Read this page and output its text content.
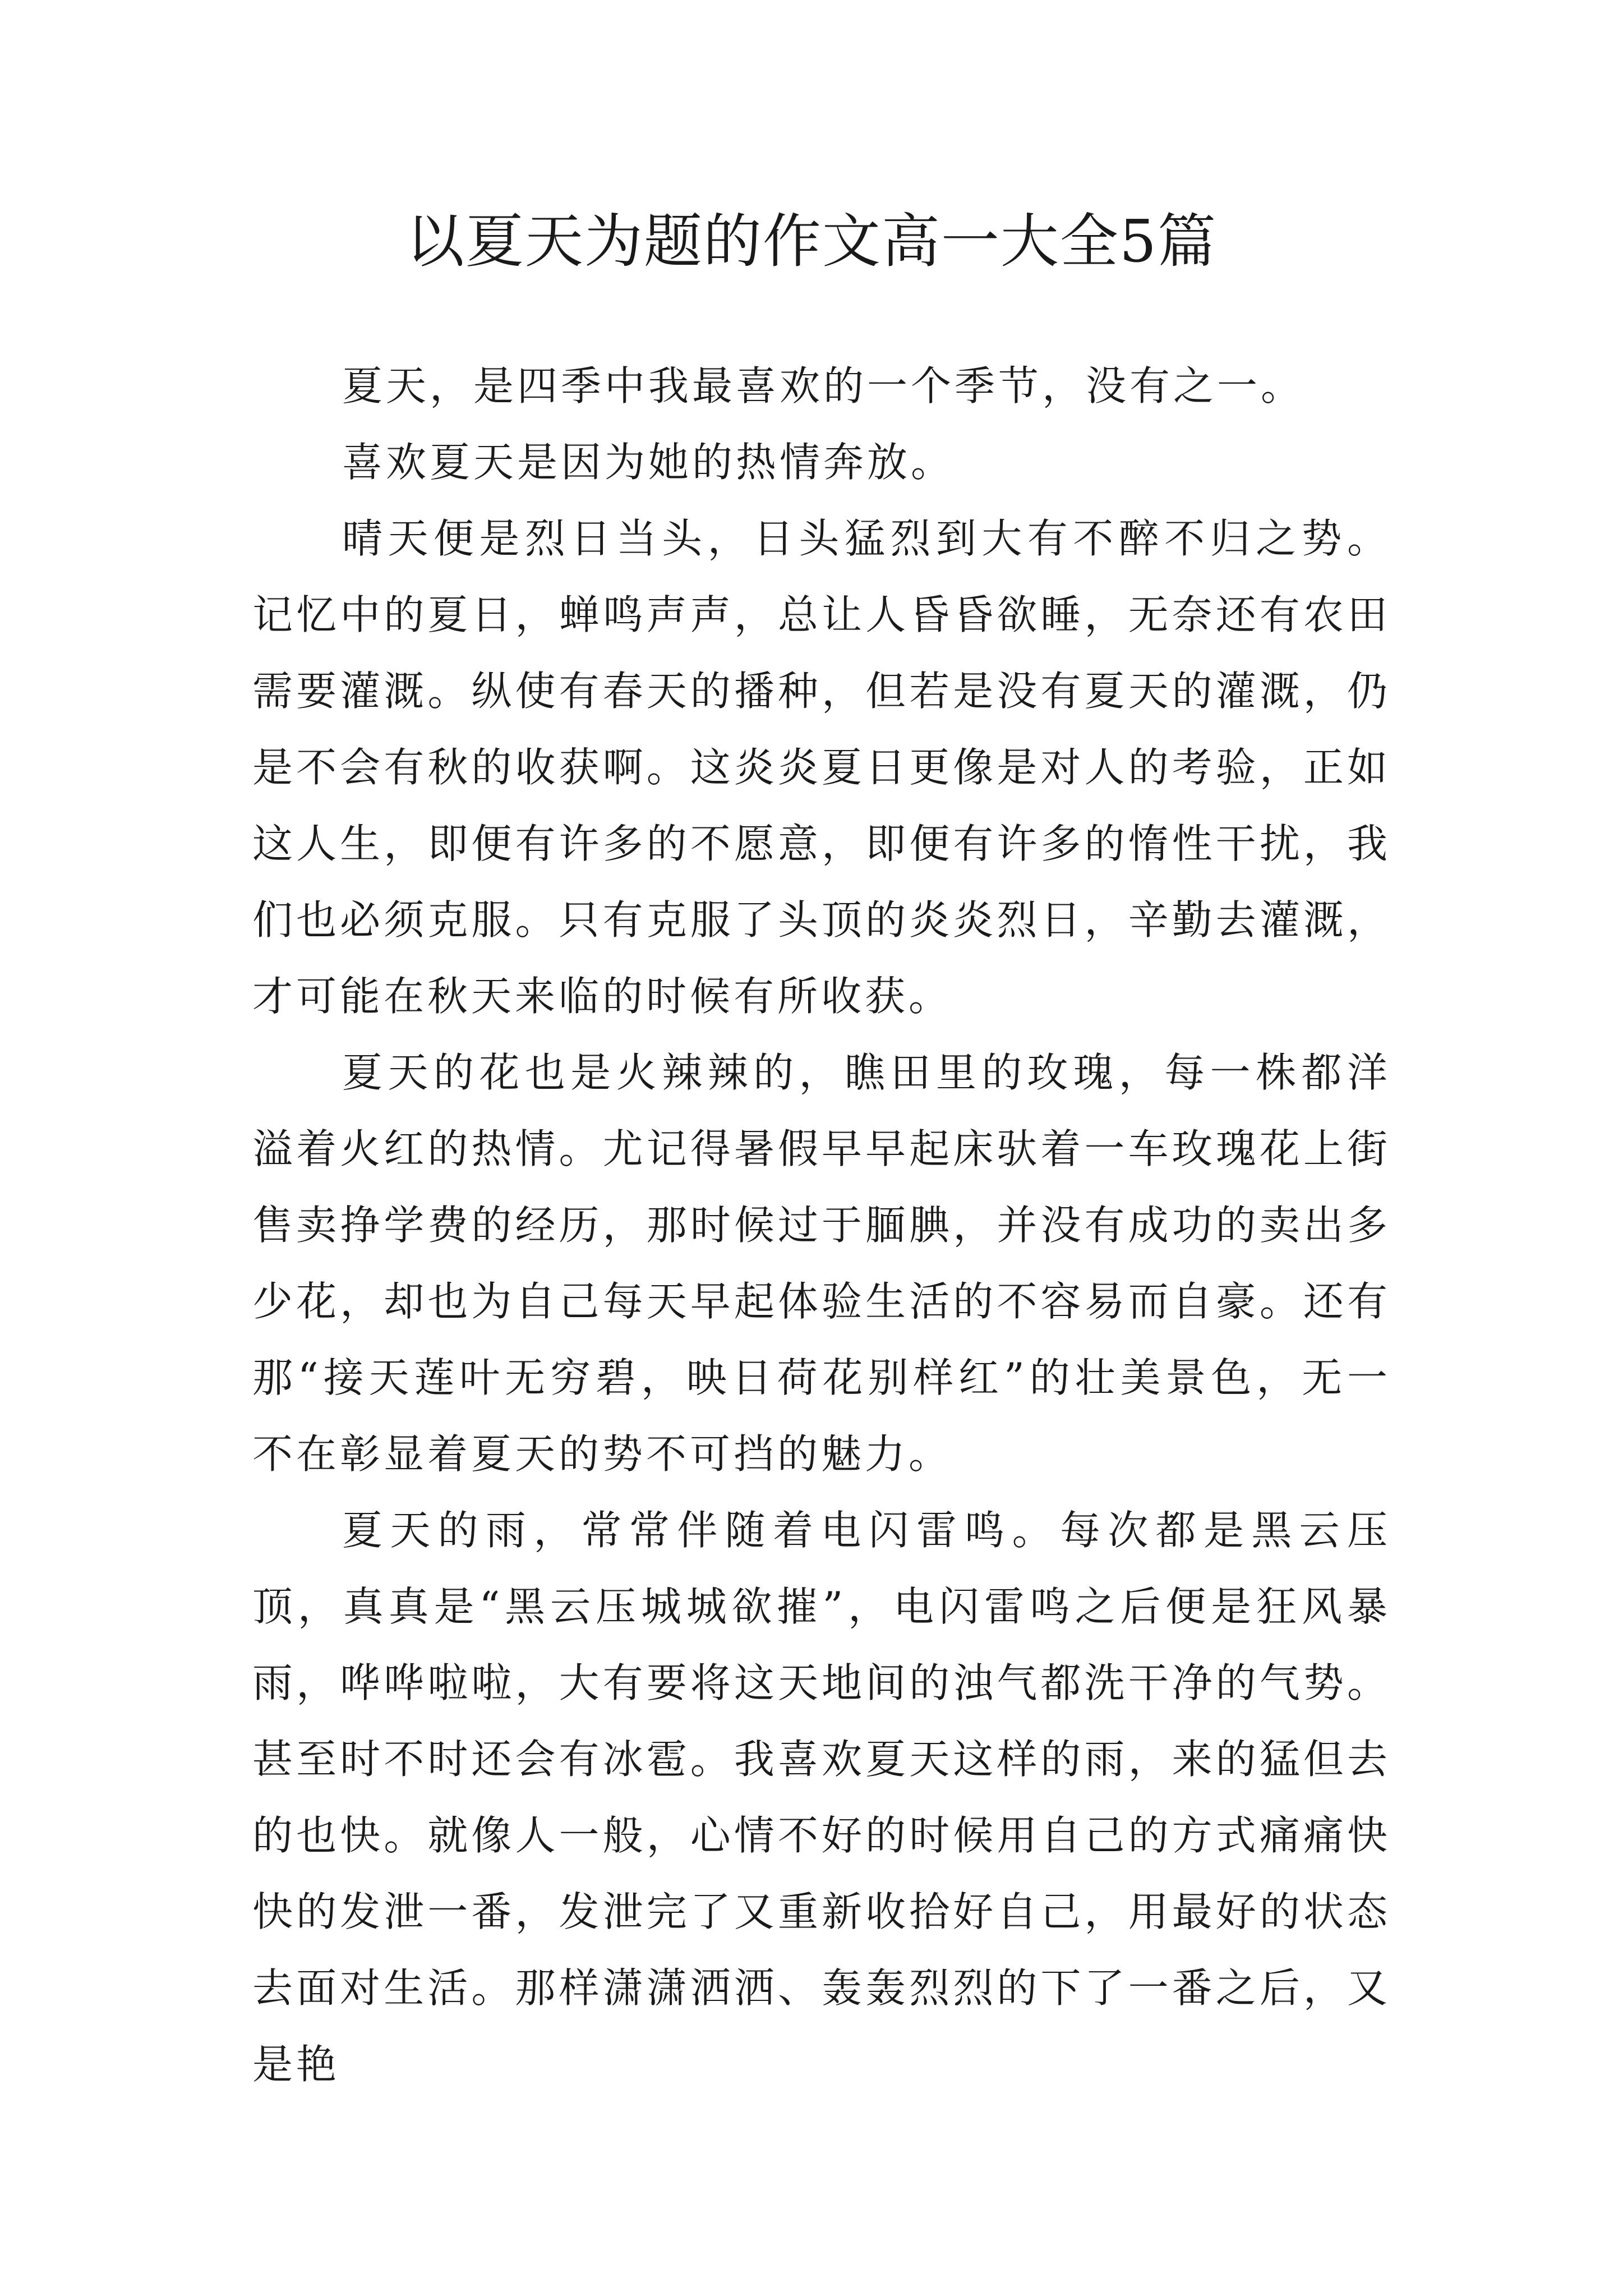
以夏天为题的作文高一大全5篇

夏天，是四季中我最喜欢的一个季节，没有之一。

喜欢夏天是因为她的热情奔放。

晴天便是烈日当头，日头猛烈到大有不醉不归之势。记忆中的夏日，蝉鸣声声，总让人昏昏欲睡，无奈还有农田需要灌溉。纵使有春天的播种，但若是没有夏天的灌溉，仍是不会有秋的收获啊。这炎炎夏日更像是对人的考验，正如这人生，即便有许多的不愿意，即便有许多的惰性干扰，我们也必须克服。只有克服了头顶的炎炎烈日，辛勤去灌溉，才可能在秋天来临的时候有所收获。

夏天的花也是火辣辣的，瞧田里的玫瑰，每一株都洋溢着火红的热情。尤记得暑假早早起床驮着一车玫瑰花上街售卖挣学费的经历，那时候过于腼腆，并没有成功的卖出多少花，却也为自己每天早起体验生活的不容易而自豪。还有那“接天莲叶无穷碧，映日荷花别样红”的壮美景色，无一不在彰显着夏天的势不可挡的魅力。

夏天的雨，常常伴随着电闪雷鸣。每次都是黑云压顶，真真是“黑云压城城欲摧”，电闪雷鸣之后便是狂风暴雨，哗哗啦啦，大有要将这天地间的浊气都洗干净的气势。甚至时不时还会有冰雹。我喜欢夏天这样的雨，来的猛但去的也快。就像人一般，心情不好的时候用自己的方式痛痛快快的发泄一番，发泄完了又重新收拾好自己，用最好的状态去面对生活。那样潇潇洒洒、轰轰烈烈的下了一番之后，又是艳
